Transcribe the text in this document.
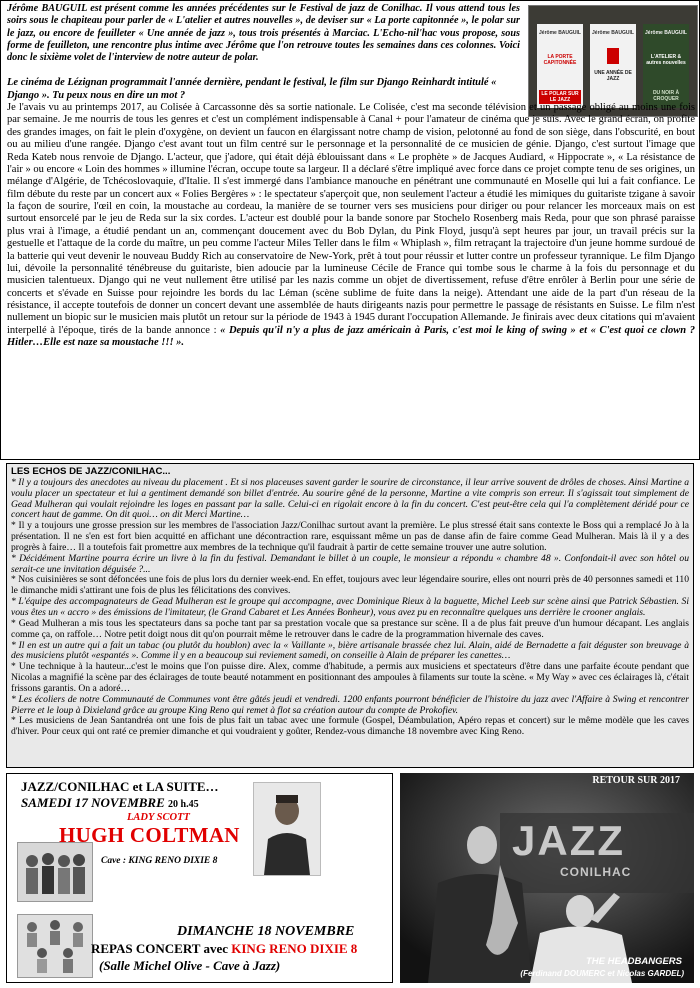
Jérôme BAUGUIL est présent comme les années précédentes sur le Festival de jazz de Conilhac. Il vous attend tous les soirs sous le chapiteau pour parler de « L'atelier et autres nouvelles », de deviser sur « La porte capitonnée », le polar sur le jazz, ou encore de feuilleter « Une année de jazz », tous trois présentés à Marciac. L'Echo-nil'hac vous propose, sous forme de feuilleton, une rencontre plus intime avec Jérôme que l'on retrouve toutes les semaines dans ces colonnes. Voici donc le sixième volet de l'interview de notre auteur de polar.

Jérôme BAUGUIL
LA PORTE CAPITONNÉE
LE POLAR SUR LE JAZZ
Jérôme BAUGUIL
UNE ANNÉE DE JAZZ
Jérôme BAUGUIL
L'ATELIER & autres nouvelles
DU NOIR À CROQUER

Le cinéma de Lézignan programmait l'année dernière, pendant le festival, le film sur Django Reinhardt intitulé « Django ». Tu peux nous en dire un mot ?

Je l'avais vu au printemps 2017, au Colisée à Carcassonne dès sa sortie nationale. Le Colisée, c'est ma seconde télévision et un passage obligé au moins une fois par semaine. Je me nourris de tous les genres et c'est un complément indispensable à Canal + pour l'amateur de cinéma que je suis. Avec le grand écran, on profite des grandes images, on fait le plein d'oxygène, on devient un faucon en élargissant notre champ de vision, pelotonné au fond de son siège, dans l'obscurité, en bout ou au milieu d'une rangée. Django c'est avant tout un film centré sur le personnage et la personnalité de ce musicien de génie. Django, c'est surtout l'image que Reda Kateb nous renvoie de Django. L'acteur, que j'adore, qui était déjà éblouissant dans « Le prophète » de Jacques Audiard, « Hippocrate », « La résistance de l'air » ou encore « Loin des hommes » illumine l'écran, occupe toute sa largeur. Il a déclaré s'être impliqué avec force dans ce projet compte tenu de ses origines, un mélange d'Algérie, de Tchécoslovaquie, d'Italie. Il s'est immergé dans l'ambiance manouche en pénétrant une communauté en Moselle qui lui a fait confiance. Le film débute du reste par un concert aux « Folies Bergères » : le spectateur s'aperçoit que, non seulement l'acteur a étudié les mimiques du guitariste tzigane à savoir la façon de sourire, l'œil en coin, la moustache au cordeau, la manière de se tourner vers ses musiciens pour diriger ou pour relancer les morceaux mais on est surtout ensorcelé par le jeu de Reda sur la six cordes. L'acteur est doublé pour la bande sonore par Stochelo Rosenberg mais Reda, pour que son phrasé paraisse plus vrai à l'image, a étudié pendant un an, commençant doucement avec du Bob Dylan, du Pink Floyd, jusqu'à sept heures par jour, un travail précis sur la gestuelle et l'attaque de la corde du maître, un peu comme l'acteur Miles Teller dans le film « Whiplash », film retraçant la trajectoire d'un jeune homme surdoué de la batterie qui veut devenir le nouveau Buddy Rich au conservatoire de New-York, prêt à tout pour réussir et lutter contre un professeur tyrannique. Le film Django lui, dévoile la personnalité ténébreuse du guitariste, bien adoucie par la lumineuse Cécile de France qui tombe sous le charme à la fois du personnage et du musicien talentueux. Django qui ne veut nullement être utilisé par les nazis comme un objet de divertissement, refuse d'être enrôler à Berlin pour une série de concerts et s'évade en Suisse pour rejoindre les bords du lac Léman (scène sublime de fuite dans la neige). Attendant une aide de la part d'un réseau de la résistance, il accepte toutefois de donner un concert devant une assemblée de hauts dirigeants nazis pour permettre le passage de résistants en Suisse. Le film n'est nullement un biopic sur le musicien mais plutôt un retour sur la période de 1943 à 1945 durant l'occupation Allemande. Je finirais avec deux citations qui m'avaient interpellé à l'époque, tirés de la bande annonce : « Depuis qu'il n'y a plus de jazz américain à Paris, c'est moi le king of swing » et « C'est quoi ce clown ? Hitler…Elle est naze sa moustache !!! ».

LES ECHOS DE JAZZ/CONILHAC...

* Il y a toujours des anecdotes au niveau du placement . Et si nos placeuses savent garder le sourire de circonstance, il leur arrive souvent de drôles de choses. Ainsi Martine a voulu placer un spectateur et lui a gentiment demandé son billet d'entrée. Au sourire gêné de la personne, Martine a vite compris son erreur. Il s'agissait tout simplement de Gead Mulheran qui voulait rejoindre les loges en passant par la salle. Celui-ci en rigolait encore à la fin du concert. C'est peut-être cela qui l'a complètement déridé pour ce concert haut de gamme. On dit quoi… on dit Merci Martine…

* Il y a toujours une grosse pression sur les membres de l'association Jazz/Conilhac surtout avant la première. Le plus stressé était sans contexte le Boss qui a remplacé Jo à la présentation. Il ne s'en est fort bien acquitté en affichant une décontraction rare, esquissant même un pas de danse afin de faire comme Gead Mulheran. Mais là il y a des progrès à faire… Il a toutefois fait promettre aux membres de la technique qu'il faudrait à partir de cette semaine trouver une autre solution.

* Décidément Martine pourra écrire un livre à la fin du festival. Demandant le billet à un couple, le monsieur a répondu « chambre 48 ». Confondait-il avec son hôtel ou serait-ce une invitation déguisée ?...

* Nos cuisinières se sont défoncées une fois de plus lors du dernier week-end. En effet, toujours avec leur légendaire sourire, elles ont nourri près de 40 personnes samedi et 110 le dimanche midi s'attirant une fois de plus les félicitations des convives.

* L'équipe des accompagnateurs de Gead Mulheran est le groupe qui accompagne, avec Dominique Rieux à la baguette, Michel Leeb sur scène ainsi que Patrick Sébastien. Si vous êtes un « accro » des émissions de l'imitateur, (le Grand Cabaret et Les Années Bonheur), vous avez pu en reconnaître quelques uns derrière le crooner anglais.

* Gead Mulheran a mis tous les spectateurs dans sa poche tant par sa prestation vocale que sa prestance sur scène. Il a de plus fait preuve d'un humour décapant. Les anglais comme ça, on raffole… Notre petit doigt nous dit qu'on pourrait même le retrouver dans le cadre de la programmation hivernale des caves.

* Il en est un autre qui a fait un tabac (ou plutôt du houblon) avec la « Vaillante », bière artisanale brassée chez lui. Alain, aidé de Bernadette a fait déguster son breuvage à des musiciens plutôt «espantés ». Comme il y en a beaucoup sui reviement samedi, on conseille à Alain de préparer les canettes…

* Une technique à la hauteur...c'est le moins que l'on puisse dire. Alex, comme d'habitude, a permis aux musiciens et spectateurs d'être dans une parfaite écoute pendant que Nicolas a magnifié la scène par des éclairages de toute beauté notamment en positionnant des ampoules à filaments sur toute la scène. « My Way » avec ces éclairages là, c'était frissons garantis. On a adoré…

* Les écoliers de notre Communauté de Communes vont être gâtés jeudi et vendredi. 1200 enfants pourront bénéficier de l'histoire du jazz avec l'Affaire à Swing et rencontrer Pierre et le loup à Dixieland grâce au groupe King Reno qui remet à flot sa création autour du compte de Prokofiev.

* Les musiciens de Jean Santandréa ont une fois de plus fait un tabac avec une formule (Gospel, Déambulation, Apéro repas et concert) sur le même modèle que les caves d'hiver. Pour ceux qui ont raté ce premier dimanche et qui voudraient y goûter, Rendez-vous dimanche 18 novembre avec King Reno.

JAZZ/CONILHAC et LA SUITE…
SAMEDI 17 NOVEMBRE 20 h.45
LADY SCOTT
HUGH COLTMAN
Cave : KING RENO DIXIE 8
DIMANCHE 18 NOVEMBRE
REPAS CONCERT avec KING RENO DIXIE 8
(Salle Michel Olive - Cave à Jazz)
JAZZ
CONILHAC
RETOUR SUR 2017
THE HEADBANGERS
(Ferdinand DOUMERC et Nicolas GARDEL)
